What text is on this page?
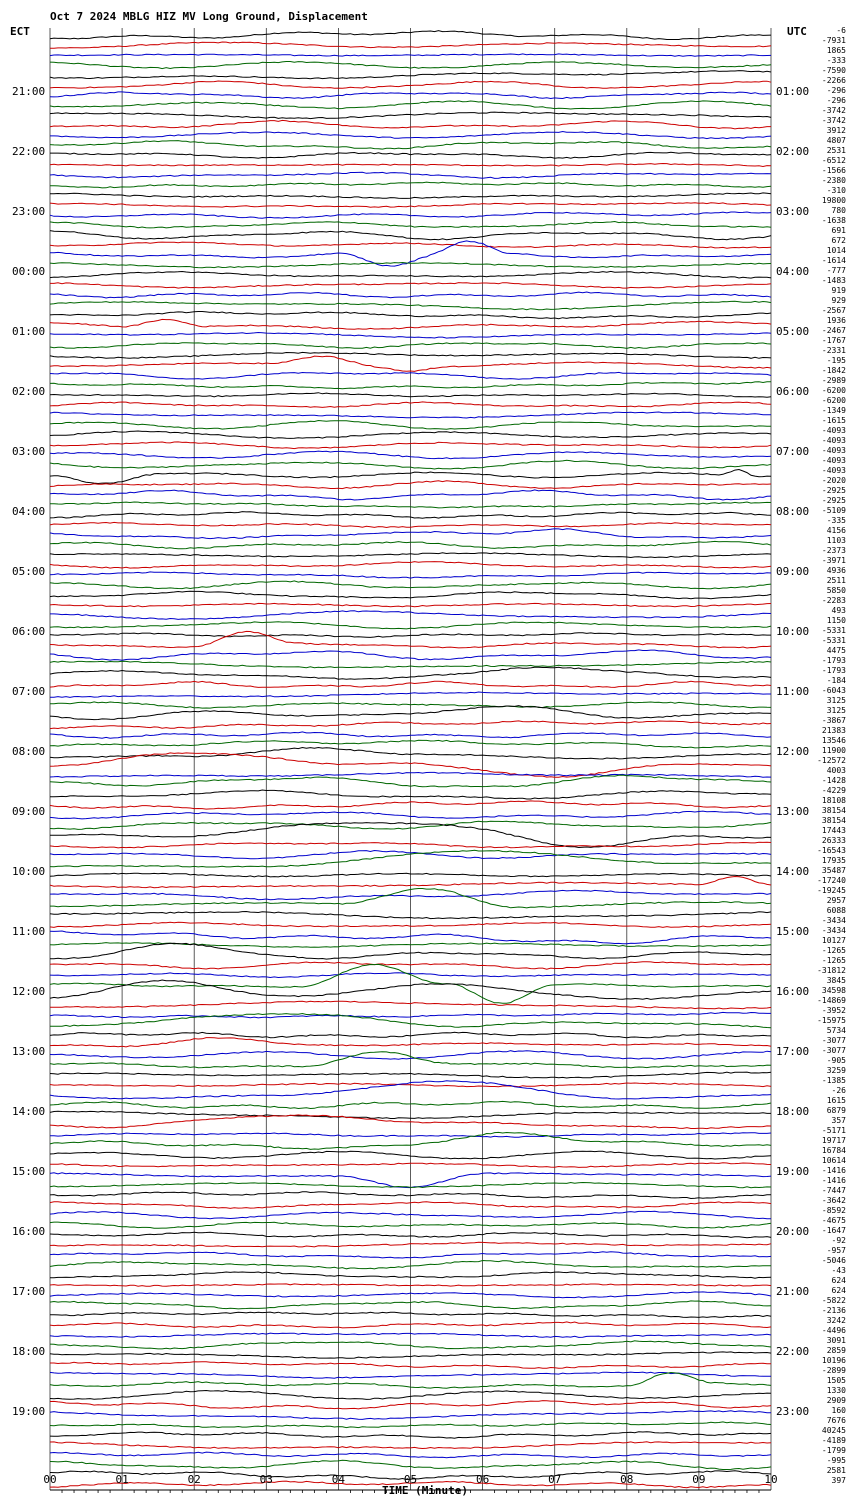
Oct 7 2024 MBLG HIZ MV Long Ground, Displacement
ECT	UTC
TIME (Minute)
-6
-7931
1865
-333
-7590
-2266
-296
-296
-3742
-3742
3912
4807
2531
-6512
-1566
-2380
-310
19800
780
-1638
691
672
1014
-1614
-777
-1483
919
929
-2567
1936
-2467
-1767
-2331
-195
-1842
-2989
-6200
-6200
-1349
-1615
-4093
-4093
-4093
-4093
-4093
-2020
-2925
-2925
-5109
-335
4156
1103
-2373
-3971
4936
2511
5850
-2283
493
1150
-5331
-5331
4475
-1793
-1793
-184
-6043
3125
3125
-3867
21383
13546
11900
-12572
4003
-1428
-4229
18108
38154
38154
17443
26333
-16543
17935
35487
-17240
-19245
2957
6088
-3434
-3434
10127
-1265
-1265
-31812
3845
34598
-14869
-3952
-15975
5734
-3077
-3077
-905
3259
-1385
-26
1615
6879
357
-5171
19717
16784
10614
-1416
-1416
-7447
-3642
-8592
-4675
-1647
-92
-957
-5046
-43
624
624
-5822
-2136
3242
-4496
3091
2859
10196
-2899
1505
1330
2909
160
7676
40245
-4189
-1799
-995
2581
397
21:00
22:00
23:00
00:00
01:00
02:00
03:00
04:00
05:00
06:00
07:00
08:00
09:00
10:00
11:00
12:00
13:00
14:00
15:00
16:00
17:00
18:00
19:00
01:00
02:00
03:00
04:00
05:00
06:00
07:00
08:00
09:00
10:00
11:00
12:00
13:00
14:00
15:00
16:00
17:00
18:00
19:00
20:00
21:00
22:00
23:00
00	01	02	03	04	05	06	07	08	09	10
